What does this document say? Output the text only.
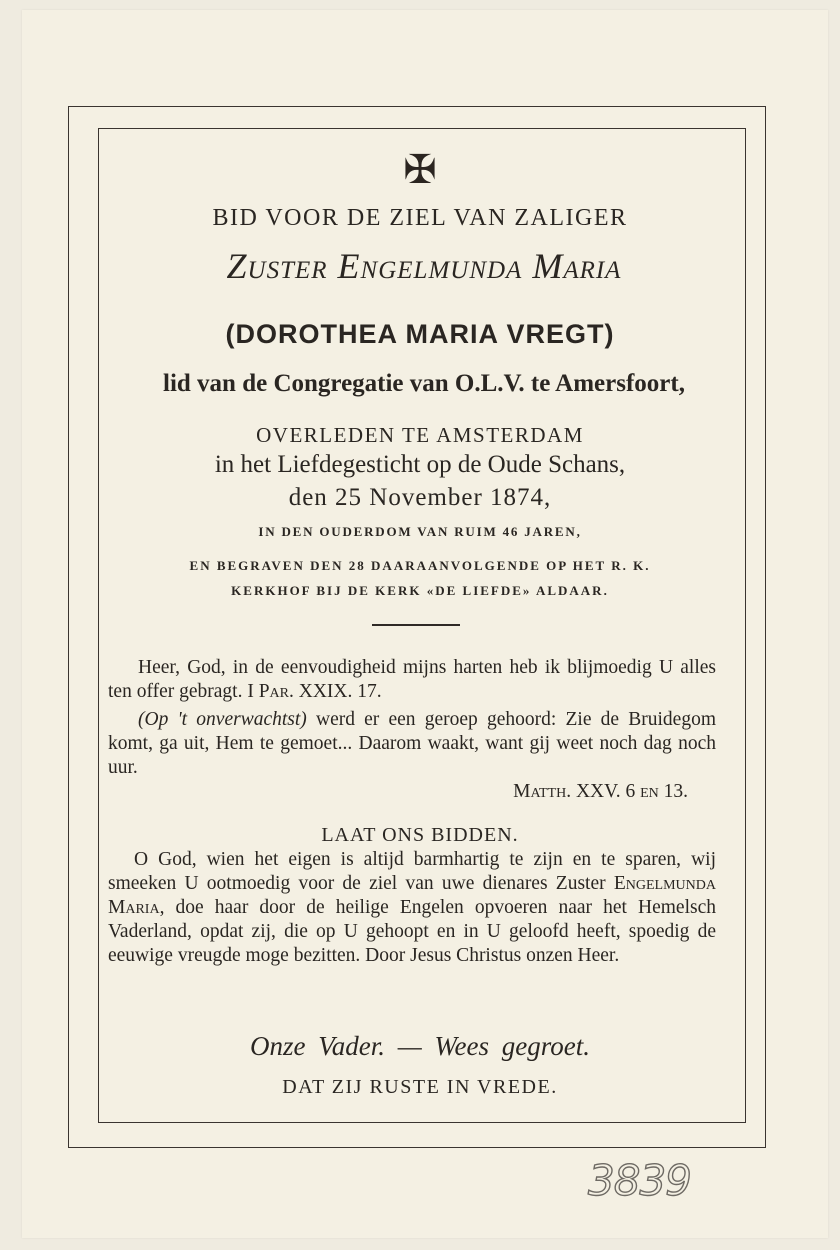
✠
BID VOOR DE ZIEL VAN ZALIGER
Zuster Engelmunda Maria
(DOROTHEA MARIA VREGT)
lid van de Congregatie van O.L.V. te Amersfoort,
OVERLEDEN TE AMSTERDAM
in het Liefdegesticht op de Oude Schans,
den 25 November 1874,
IN DEN OUDERDOM VAN RUIM 46 JAREN,
EN BEGRAVEN DEN 28 DAARAANVOLGENDE OP HET R. K.
KERKHOF BIJ DE KERK «DE LIEFDE» ALDAAR.
Heer, God, in de eenvoudigheid mijns harten heb ik blijmoedig U alles ten offer gebragt. I Par. XXIX. 17.
(Op 't onverwachtst) werd er een geroep gehoord: Zie de Bruidegom komt, ga uit, Hem te gemoet... Daarom waakt, want gij weet noch dag noch uur.
Matth. XXV. 6 en 13.
LAAT ONS BIDDEN.
O God, wien het eigen is altijd barmhartig te zijn en te sparen, wij smeeken U ootmoedig voor de ziel van uwe dienares Zuster Engelmunda Maria, doe haar door de heilige Engelen opvoeren naar het Hemelsch Vaderland, opdat zij, die op U gehoopt en in U geloofd heeft, spoedig de eeuwige vreugde moge bezitten. Door Jesus Christus onzen Heer.
Onze Vader. — Wees gegroet.
DAT ZIJ RUSTE IN VREDE.
3839
